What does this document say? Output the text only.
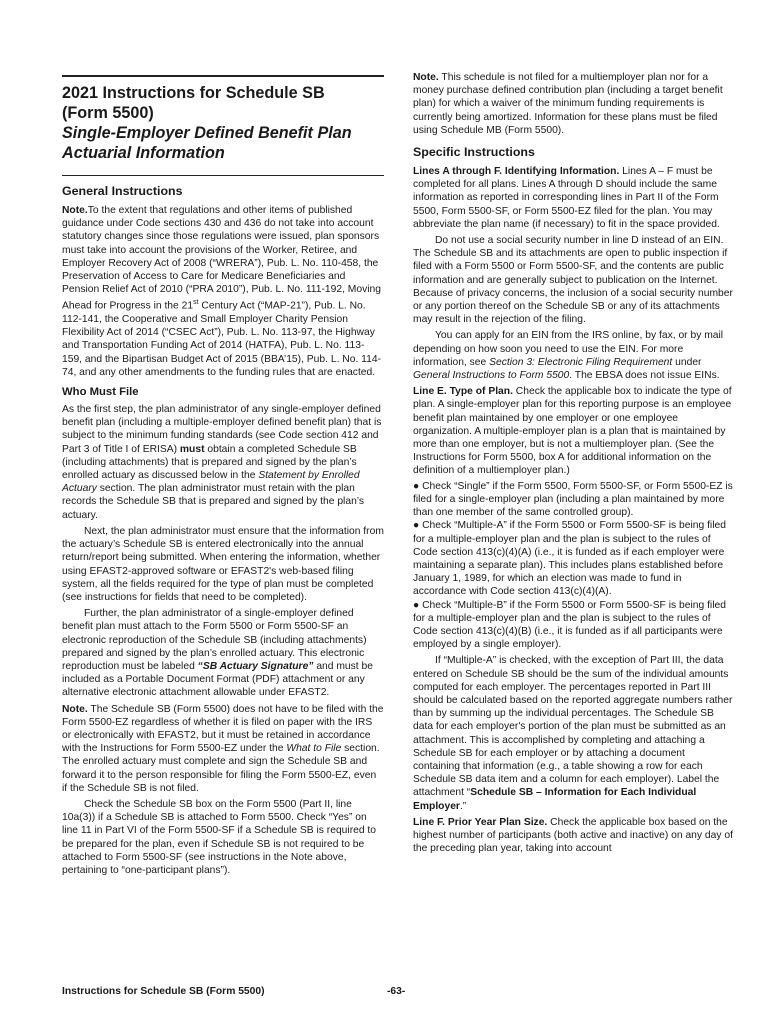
2021 Instructions for Schedule SB
(Form 5500)

Single-Employer Defined Benefit Plan
Actuarial Information
General Instructions

Note.To the extent that regulations and other items of published guidance under Code sections 430 and 436 do not take into account statutory changes since those regulations were issued, plan sponsors must take into account the provisions of the Worker, Retiree, and Employer Recovery Act of 2008 (“WRERA”), Pub. L. No. 110-458, the Preservation of Access to Care for Medicare Beneficiaries and Pension Relief Act of 2010 (“PRA 2010”), Pub. L. No. 111-192, Moving Ahead for Progress in the 21st Century Act (“MAP-21”), Pub. L. No. 112-141, the Cooperative and Small Employer Charity Pension Flexibility Act of 2014 (“CSEC Act”), Pub. L. No. 113-97, the Highway and Transportation Funding Act of 2014 (HATFA), Pub. L. No. 113-159, and the Bipartisan Budget Act of 2015 (BBA’15), Pub. L. No. 114-74, and any other amendments to the funding rules that are enacted.

Who Must File

As the first step, the plan administrator of any single-employer defined benefit plan (including a multiple-employer defined benefit plan) that is subject to the minimum funding standards (see Code section 412 and Part 3 of Title I of ERISA) must obtain a completed Schedule SB (including attachments) that is prepared and signed by the plan’s enrolled actuary as discussed below in the Statement by Enrolled Actuary section. The plan administrator must retain with the plan records the Schedule SB that is prepared and signed by the plan’s actuary.

Next, the plan administrator must ensure that the information from the actuary’s Schedule SB is entered electronically into the annual return/report being submitted. When entering the information, whether using EFAST2-approved software or EFAST2's web-based filing system, all the fields required for the type of plan must be completed (see instructions for fields that need to be completed).

Further, the plan administrator of a single-employer defined benefit plan must attach to the Form 5500 or Form 5500-SF an electronic reproduction of the Schedule SB (including attachments) prepared and signed by the plan’s enrolled actuary. This electronic reproduction must be labeled “SB Actuary Signature” and must be included as a Portable Document Format (PDF) attachment or any alternative electronic attachment allowable under EFAST2.

Note. The Schedule SB (Form 5500) does not have to be filed with the Form 5500-EZ regardless of whether it is filed on paper with the IRS or electronically with EFAST2, but it must be retained in accordance with the Instructions for Form 5500-EZ under the What to File section. The enrolled actuary must complete and sign the Schedule SB and forward it to the person responsible for filing the Form 5500-EZ, even if the Schedule SB is not filed.

Check the Schedule SB box on the Form 5500 (Part II, line 10a(3)) if a Schedule SB is attached to Form 5500. Check “Yes” on line 11 in Part VI of the Form 5500-SF if a Schedule SB is required to be prepared for the plan, even if Schedule SB is not required to be attached to Form 5500-SF (see instructions in the Note above, pertaining to “one-participant plans”).

Note. This schedule is not filed for a multiemployer plan nor for a money purchase defined contribution plan (including a target benefit plan) for which a waiver of the minimum funding requirements is currently being amortized. Information for these plans must be filed using Schedule MB (Form 5500).

Specific Instructions

Lines A through F. Identifying Information. Lines A – F must be completed for all plans. Lines A through D should include the same information as reported in corresponding lines in Part II of the Form 5500, Form 5500-SF, or Form 5500-EZ filed for the plan. You may abbreviate the plan name (if necessary) to fit in the space provided.

Do not use a social security number in line D instead of an EIN. The Schedule SB and its attachments are open to public inspection if filed with a Form 5500 or Form 5500-SF, and the contents are public information and are generally subject to publication on the Internet. Because of privacy concerns, the inclusion of a social security number or any portion thereof on the Schedule SB or any of its attachments may result in the rejection of the filing.

You can apply for an EIN from the IRS online, by fax, or by mail depending on how soon you need to use the EIN. For more information, see Section 3: Electronic Filing Requirement under General Instructions to Form 5500. The EBSA does not issue EINs.

Line E. Type of Plan. Check the applicable box to indicate the type of plan. A single-employer plan for this reporting purpose is an employee benefit plan maintained by one employer or one employee organization. A multiple-employer plan is a plan that is maintained by more than one employer, but is not a multiemployer plan. (See the Instructions for Form 5500, box A for additional information on the definition of a multiemployer plan.)

● Check “Single” if the Form 5500, Form 5500-SF, or Form 5500-EZ is filed for a single-employer plan (including a plan maintained by more than one member of the same controlled group).

● Check “Multiple-A” if the Form 5500 or Form 5500-SF is being filed for a multiple-employer plan and the plan is subject to the rules of Code section 413(c)(4)(A) (i.e., it is funded as if each employer were maintaining a separate plan). This includes plans established before January 1, 1989, for which an election was made to fund in accordance with Code section 413(c)(4)(A).

● Check “Multiple-B” if the Form 5500 or Form 5500-SF is being filed for a multiple-employer plan and the plan is subject to the rules of Code section 413(c)(4)(B) (i.e., it is funded as if all participants were employed by a single employer).

If “Multiple-A” is checked, with the exception of Part III, the data entered on Schedule SB should be the sum of the individual amounts computed for each employer. The percentages reported in Part III should be calculated based on the reported aggregate numbers rather than by summing up the individual percentages. The Schedule SB data for each employer's portion of the plan must be submitted as an attachment. This is accomplished by completing and attaching a Schedule SB for each employer or by attaching a document containing that information (e.g., a table showing a row for each Schedule SB data item and a column for each employer). Label the attachment “Schedule SB – Information for Each Individual Employer.”

Line F. Prior Year Plan Size. Check the applicable box based on the highest number of participants (both active and inactive) on any day of the preceding plan year, taking into account

Instructions for Schedule SB (Form 5500)	-63-
